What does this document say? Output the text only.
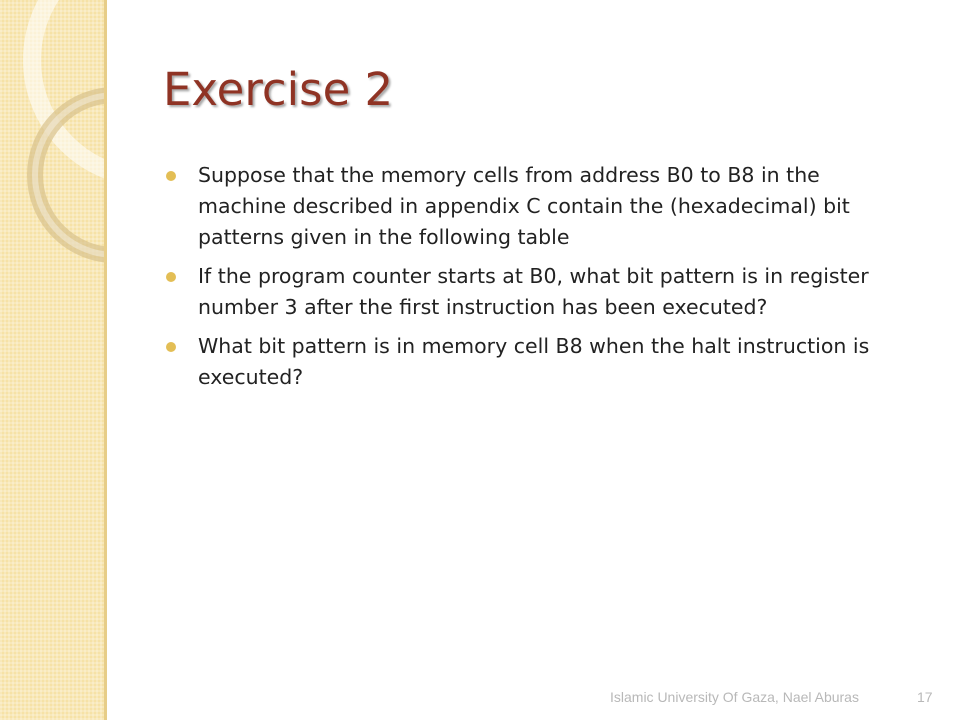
Exercise 2
Suppose that the memory cells from address B0 to B8 in the machine described in appendix C contain the (hexadecimal) bit patterns given in the following table
If the program counter starts at B0, what bit pattern is in register number 3 after the first instruction has been executed?
What bit pattern is in memory cell B8 when the halt instruction is executed?
Islamic University Of Gaza, Nael Aburas	17
